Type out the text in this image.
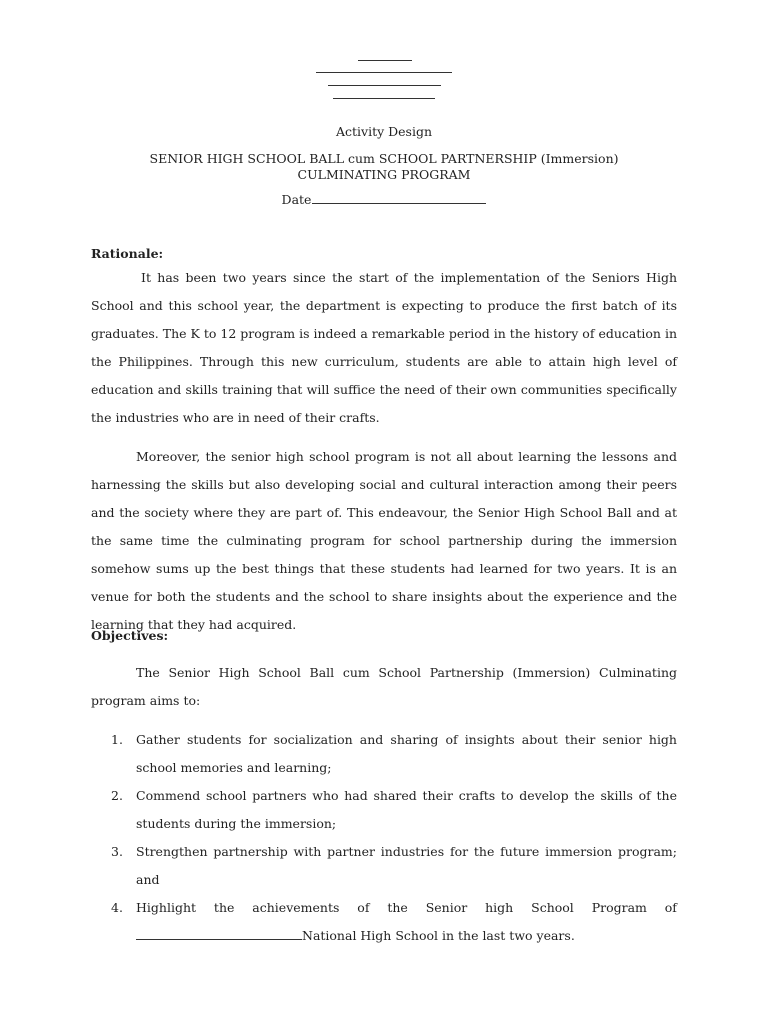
Activity Design
SENIOR HIGH SCHOOL BALL cum SCHOOL PARTNERSHIP (Immersion)
CULMINATING PROGRAM
Date
Rationale:
It has been two years since the start of the implementation of the Seniors High School and this school year, the department is expecting to produce the first batch of its graduates. The K to 12 program is indeed a remarkable period in the history of education in the Philippines. Through this new curriculum, students are able to attain high level of education and skills training that will suffice the need of their own communities specifically the industries who are in need of their crafts.
Moreover, the senior high school program is not all about learning the lessons and harnessing the skills but also developing social and cultural interaction among their peers and the society where they are part of. This endeavour, the Senior High School Ball and at the same time the culminating program for school partnership during the immersion somehow sums up the best things that these students had learned for two years. It is an venue for both the students and the school to share insights about the experience and the learning that they had acquired.
Objectives:
The Senior High School Ball cum School Partnership (Immersion) Culminating program aims to:
1. Gather students for socialization and sharing of insights about their senior high school memories and learning;
2. Commend school partners who had shared their crafts to develop the skills of the students during the immersion;
3. Strengthen partnership with partner industries for the future immersion program; and
4. Highlight the achievements of the Senior high School Program of
National High School in the last two years.
